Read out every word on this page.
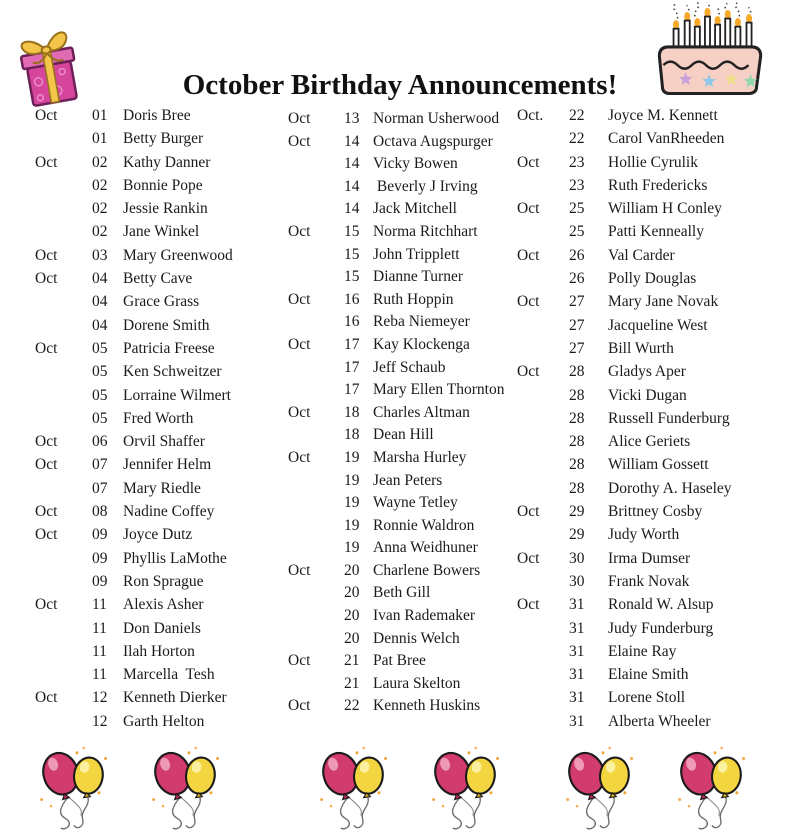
October Birthday Announcements!
Oct	01	Doris Bree
01	Betty Burger
Oct	02	Kathy Danner
02	Bonnie Pope
02	Jessie Rankin
02	Jane Winkel
Oct	03	Mary Greenwood
Oct	04	Betty Cave
04	Grace Grass
04	Dorene Smith
Oct	05	Patricia Freese
05	Ken Schweitzer
05	Lorraine Wilmert
05	Fred Worth
Oct	06	Orvil Shaffer
Oct	07	Jennifer Helm
07	Mary Riedle
Oct	08	Nadine Coffey
Oct	09	Joyce Dutz
09	Phyllis LaMothe
09	Ron Sprague
Oct	11	Alexis Asher
11	Don Daniels
11	Ilah Horton
11	Marcella  Tesh
Oct	12	Kenneth Dierker
12	Garth Helton
Oct	13 Norman Usherwood
Oct	14 Octava Augspurger
14 Vicky Bowen
14 Beverly J Irving
14 Jack Mitchell
Oct	15 Norma Ritchhart
15 John Tripplett
15 Dianne Turner
Oct	16 Ruth Hoppin
16 Reba Niemeyer
Oct	17 Kay Klockenga
17 Jeff Schaub
17 Mary Ellen Thornton
Oct	18 Charles Altman
18 Dean Hill
Oct	19 Marsha Hurley
19 Jean Peters
19 Wayne Tetley
19 Ronnie Waldron
19 Anna Weidhuner
Oct	20 Charlene Bowers
20 Beth Gill
20 Ivan Rademaker
20 Dennis Welch
Oct	21 Pat Bree
21 Laura Skelton
Oct	22 Kenneth Huskins
Oct.	22	Joyce M. Kennett
22	Carol VanRheeden
Oct	23	Hollie Cyrulik
23	Ruth Fredericks
Oct	25	William H Conley
25	Patti Kenneally
Oct	26	Val Carder
26	Polly Douglas
Oct	27	Mary Jane Novak
27	Jacqueline West
27	Bill Wurth
Oct	28	Gladys Aper
28	Vicki Dugan
28	Russell Funderburg
28	Alice Geriets
28	William Gossett
28	Dorothy A. Haseley
Oct	29	Brittney Cosby
29	Judy Worth
Oct	30	Irma Dumser
30	Frank Novak
Oct	31	Ronald W. Alsup
31	Judy Funderburg
31	Elaine Ray
31	Elaine Smith
31	Lorene Stoll
31	Alberta Wheeler
